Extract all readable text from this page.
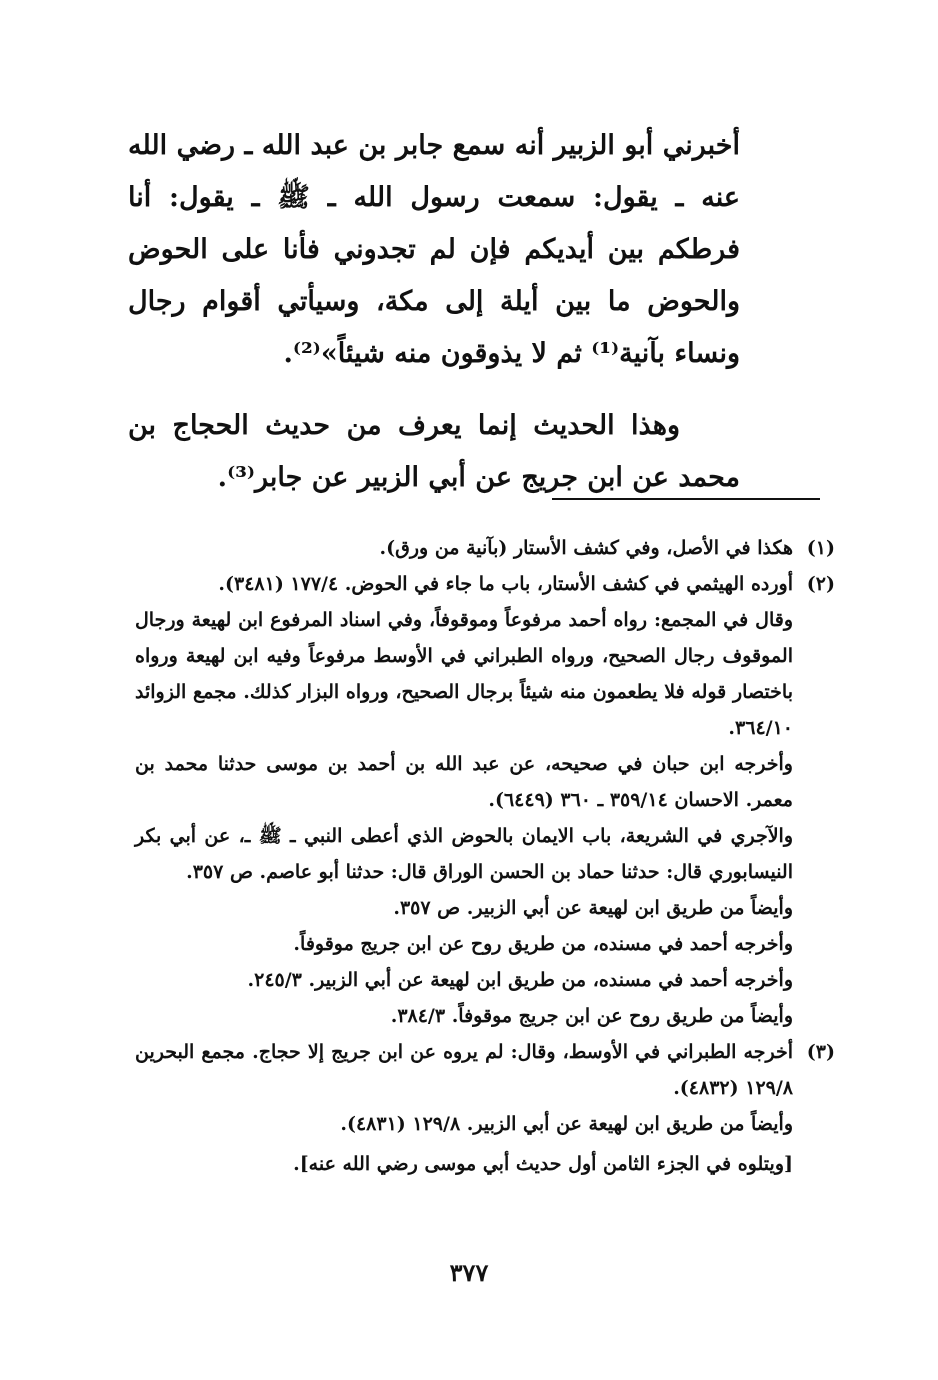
أخبرني أبو الزبير أنه سمع جابر بن عبد الله ـ رضي الله عنه ـ يقول: سمعت رسول الله ـ ﷺ ـ يقول: أنا فرطكم بين أيديكم فإن لم تجدوني فأنا على الحوض والحوض ما بين أيلة إلى مكة، وسيأتي أقوام رجال ونساء بآنية⁽¹⁾ ثم لا يذوقون منه شيئاً»⁽²⁾.

وهذا الحديث إنما يعرف من حديث الحجاج بن محمد عن ابن جريج عن أبي الزبير عن جابر⁽³⁾.

(١)

هكذا في الأصل، وفي كشف الأستار (بآنية من ورق).

(٢)

أورده الهيثمي في كشف الأستار، باب ما جاء في الحوض. ١٧٧/٤ (٣٤٨١).

وقال في المجمع: رواه أحمد مرفوعاً وموقوفاً، وفي اسناد المرفوع ابن لهيعة ورجال الموقوف رجال الصحيح، ورواه الطبراني في الأوسط مرفوعاً وفيه ابن لهيعة ورواه باختصار قوله فلا يطعمون منه شيئاً برجال الصحيح، ورواه البزار كذلك. مجمع الزوائد ٣٦٤/١٠.

وأخرجه ابن حبان في صحيحه، عن عبد الله بن أحمد بن موسى حدثنا محمد بن معمر. الاحسان ٣٥٩/١٤ ـ ٣٦٠ (٦٤٤٩).

والآجري في الشريعة، باب الايمان بالحوض الذي أعطى النبي ـ ﷺ ـ، عن أبي بكر النيسابوري قال: حدثنا حماد بن الحسن الوراق قال: حدثنا أبو عاصم. ص ٣٥٧.

وأيضاً من طريق ابن لهيعة عن أبي الزبير. ص ٣٥٧.

وأخرجه أحمد في مسنده، من طريق روح عن ابن جريج موقوفاً.

وأخرجه أحمد في مسنده، من طريق ابن لهيعة عن أبي الزبير. ٢٤٥/٣.

وأيضاً من طريق روح عن ابن جريج موقوفاً. ٣٨٤/٣.

(٣)

أخرجه الطبراني في الأوسط، وقال: لم يروه عن ابن جريج إلا حجاج. مجمع البحرين ١٢٩/٨ (٤٨٣٢).

وأيضاً من طريق ابن لهيعة عن أبي الزبير. ١٢٩/٨ (٤٨٣١).

[ويتلوه في الجزء الثامن أول حديث أبي موسى رضي الله عنه].

٣٧٧
